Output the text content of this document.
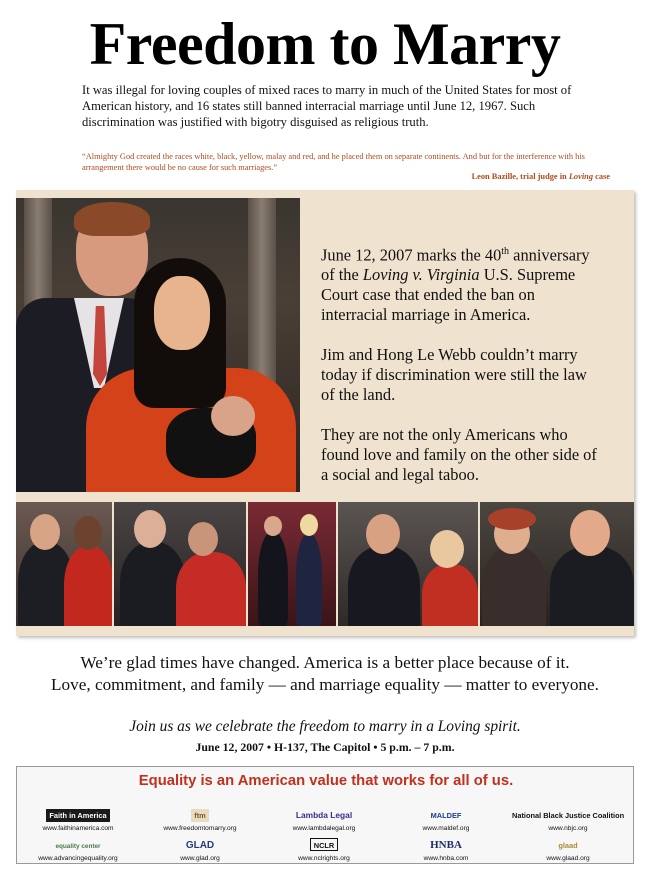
Freedom to Marry
It was illegal for loving couples of mixed races to marry in much of the United States for most of American history, and 16 states still banned interracial marriage until June 12, 1967. Such discrimination was justified with bigotry disguised as religious truth.
“Almighty God created the races white, black, yellow, malay and red, and he placed them on separate continents. And but for the interference with his arrangement there would be no cause for such marriages.”
Leon Bazille, trial judge in Loving case

June 12, 2007 marks the 40th anniversary of the Loving v. Virginia U.S. Supreme Court case that ended the ban on interracial marriage in America.

Jim and Hong Le Webb couldn’t marry today if discrimination were still the law of the land.

They are not the only Americans who found love and family on the other side of a social and legal taboo.

We’re glad times have changed. America is a better place because of it.
Love, commitment, and family — and marriage equality — matter to everyone.
Join us as we celebrate the freedom to marry in a Loving spirit.
June 12, 2007 • H-137, The Capitol • 5 p.m. – 7 p.m.
Equality is an American value that works for all of us.
Faith in America
www.faithinamerica.com
ftm
www.freedomtomarry.org
Lambda Legal
www.lambdalegal.org
MALDEF
www.maldef.org
National Black Justice Coalition
www.nbjc.org
equality center
www.advancingequality.org
GLAD
www.glad.org
NCLR
www.nclrights.org
HNBA
www.hnba.com
glaad
www.glaad.org
